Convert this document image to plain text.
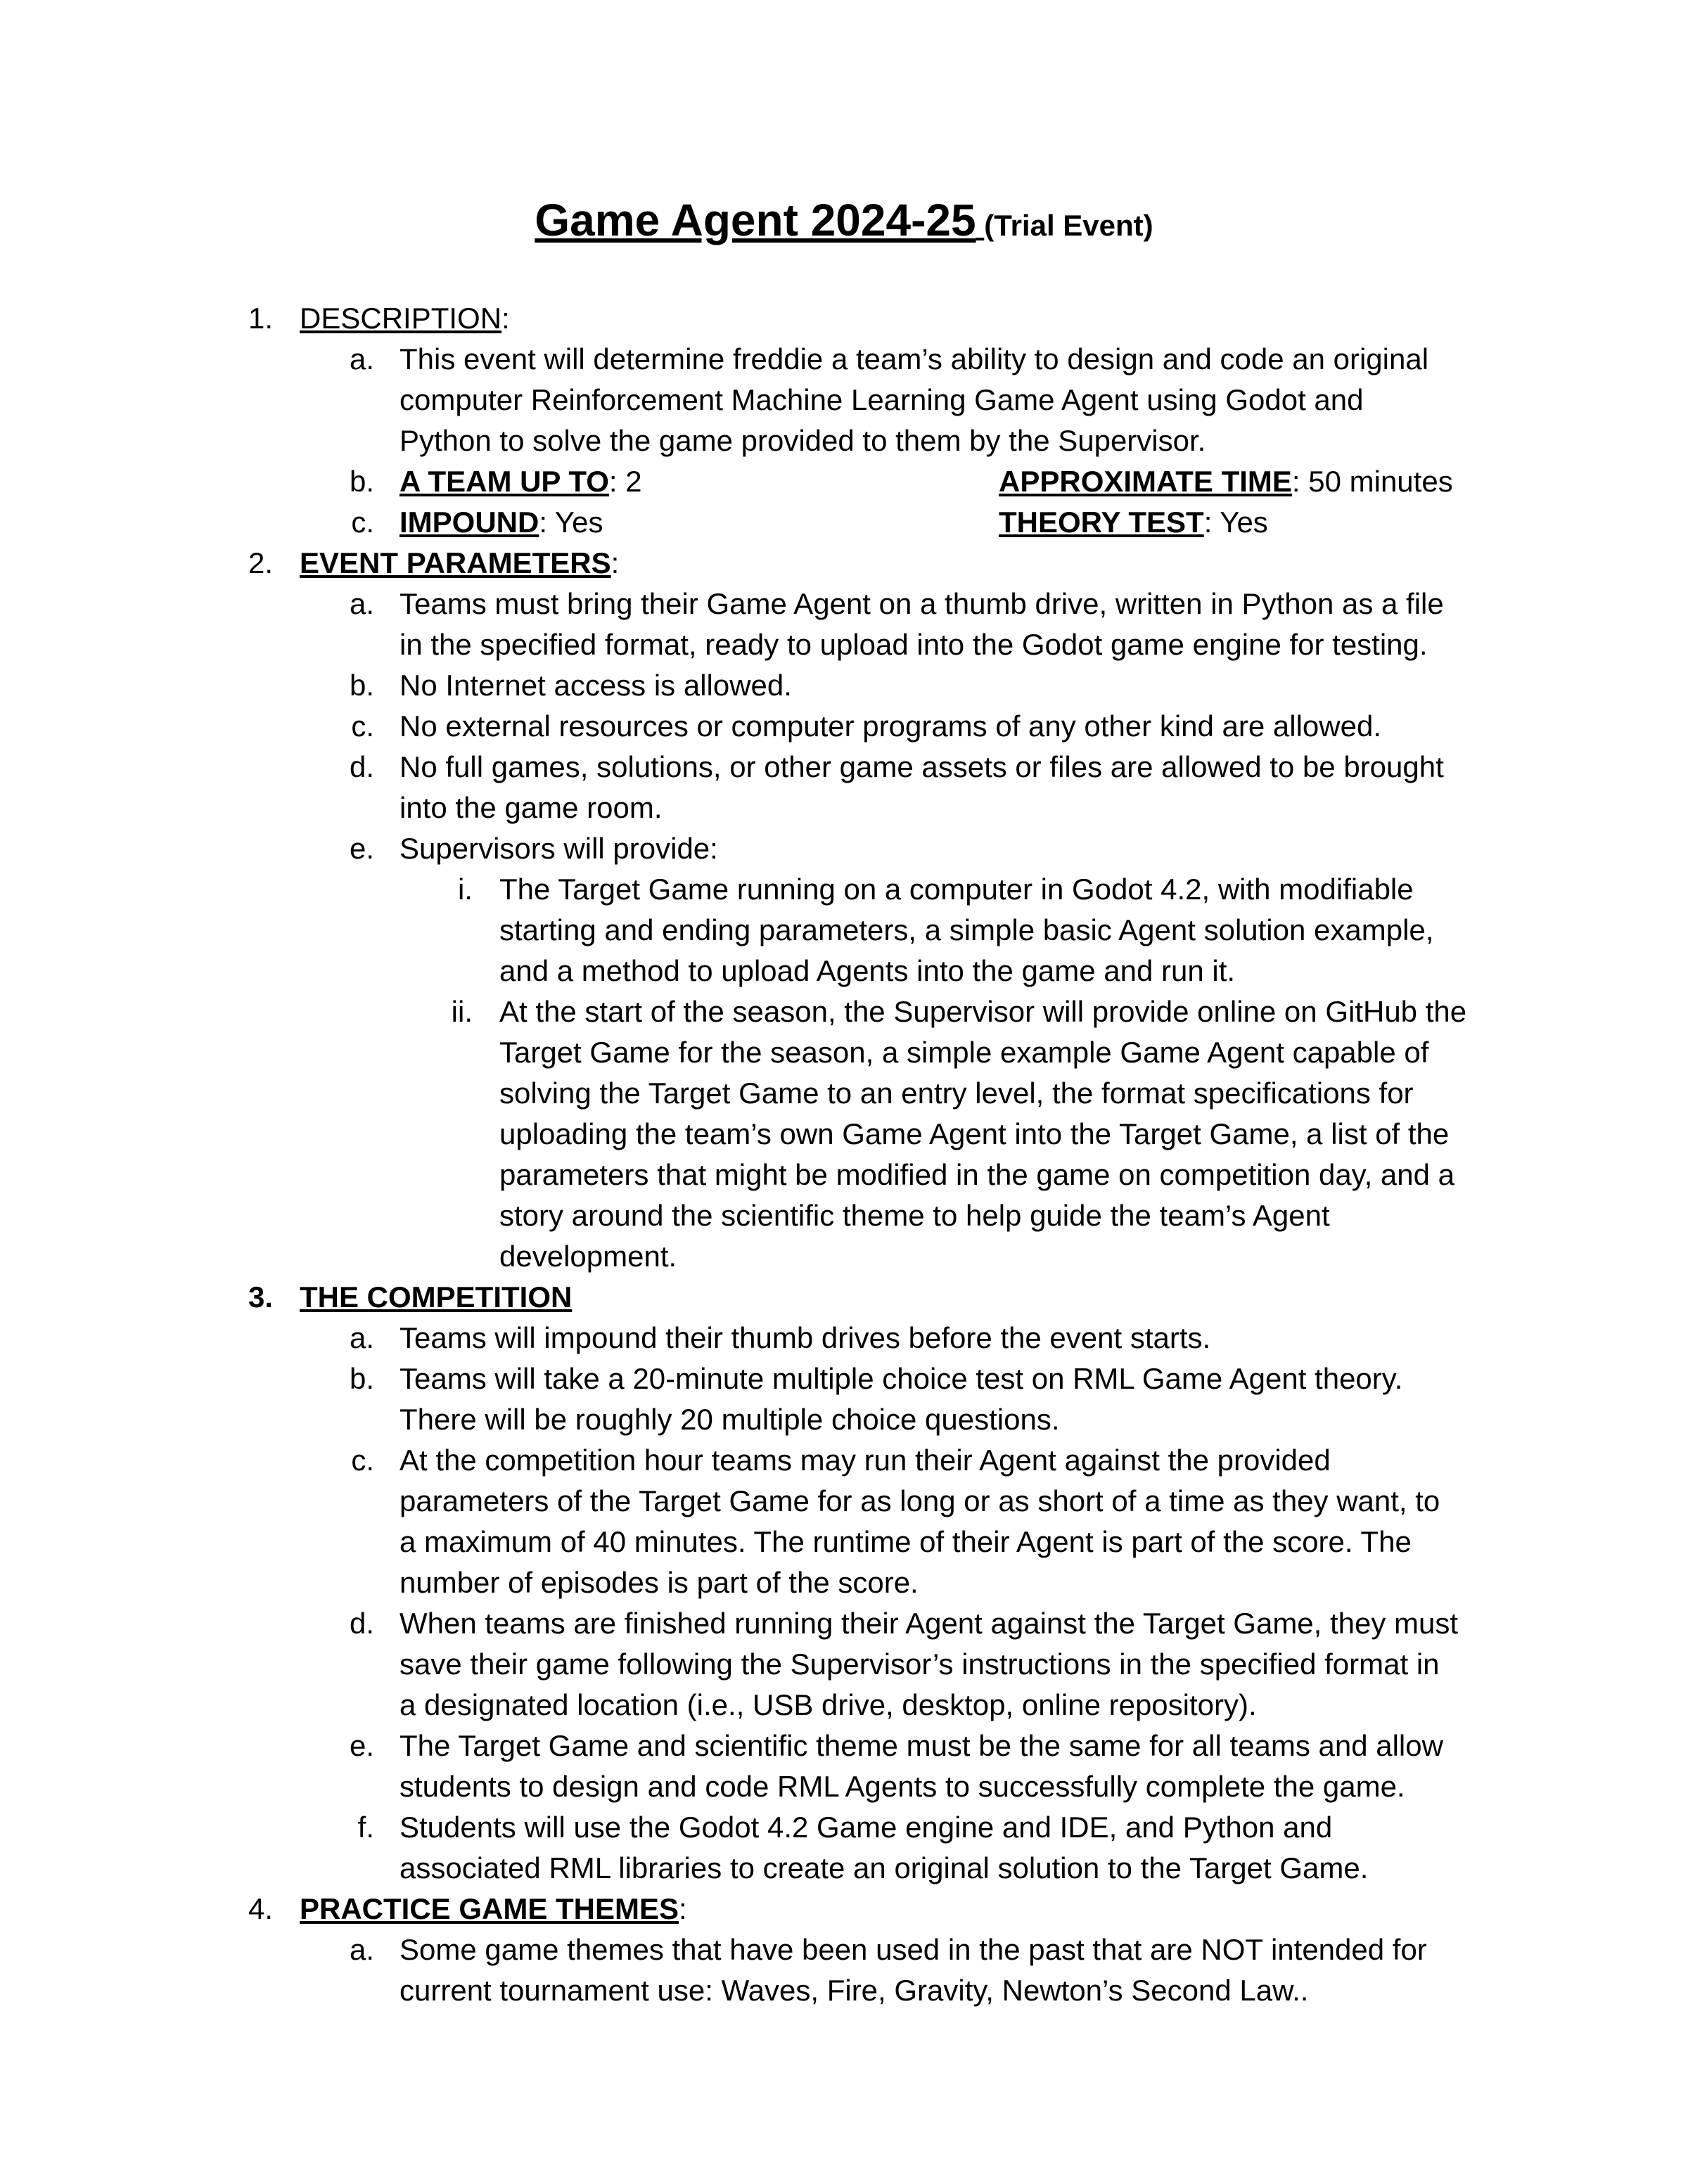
Game Agent 2024-25 (Trial Event)
1. DESCRIPTION:
a. This event will determine freddie a team’s ability to design and code an original
computer Reinforcement Machine Learning Game Agent using Godot and
Python to solve the game provided to them by the Supervisor.
b. A TEAM UP TO: 2	APPROXIMATE TIME: 50 minutes
c. IMPOUND: Yes	THEORY TEST: Yes
2. EVENT PARAMETERS:
a. Teams must bring their Game Agent on a thumb drive, written in Python as a file
in the specified format, ready to upload into the Godot game engine for testing.
b. No Internet access is allowed.
c. No external resources or computer programs of any other kind are allowed.
d. No full games, solutions, or other game assets or files are allowed to be brought
into the game room.
e. Supervisors will provide:
i. The Target Game running on a computer in Godot 4.2, with modifiable
starting and ending parameters, a simple basic Agent solution example,
and a method to upload Agents into the game and run it.
ii. At the start of the season, the Supervisor will provide online on GitHub the
Target Game for the season, a simple example Game Agent capable of
solving the Target Game to an entry level, the format specifications for
uploading the team’s own Game Agent into the Target Game, a list of the
parameters that might be modified in the game on competition day, and a
story around the scientific theme to help guide the team’s Agent
development.
3. THE COMPETITION
a. Teams will impound their thumb drives before the event starts.
b. Teams will take a 20-minute multiple choice test on RML Game Agent theory.
There will be roughly 20 multiple choice questions.
c. At the competition hour teams may run their Agent against the provided
parameters of the Target Game for as long or as short of a time as they want, to
a maximum of 40 minutes. The runtime of their Agent is part of the score. The
number of episodes is part of the score.
d. When teams are finished running their Agent against the Target Game, they must
save their game following the Supervisor’s instructions in the specified format in
a designated location (i.e., USB drive, desktop, online repository).
e. The Target Game and scientific theme must be the same for all teams and allow
students to design and code RML Agents to successfully complete the game.
f. Students will use the Godot 4.2 Game engine and IDE, and Python and
associated RML libraries to create an original solution to the Target Game.
4. PRACTICE GAME THEMES:
a. Some game themes that have been used in the past that are NOT intended for
current tournament use: Waves, Fire, Gravity, Newton’s Second Law..
